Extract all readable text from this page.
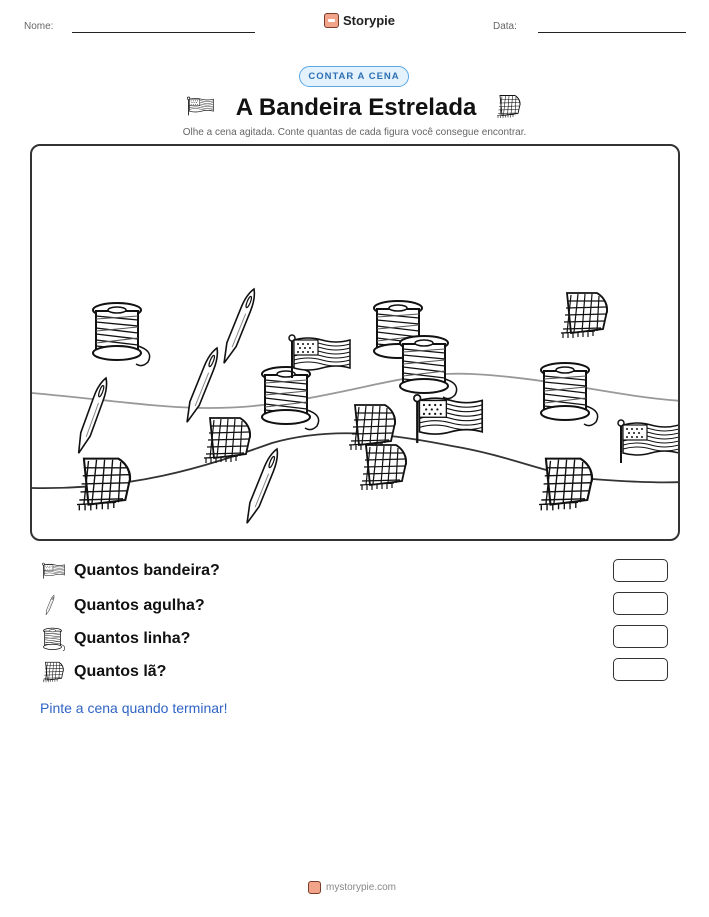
Nome:	Storypie	Data:
CONTAR A CENA
A Bandeira Estrelada
Olhe a cena agitada. Conte quantas de cada figura você consegue encontrar.
Quantos bandeira?
Quantos agulha?
Quantos linha?
Quantos lã?
Pinte a cena quando terminar!
mystorypie.com
